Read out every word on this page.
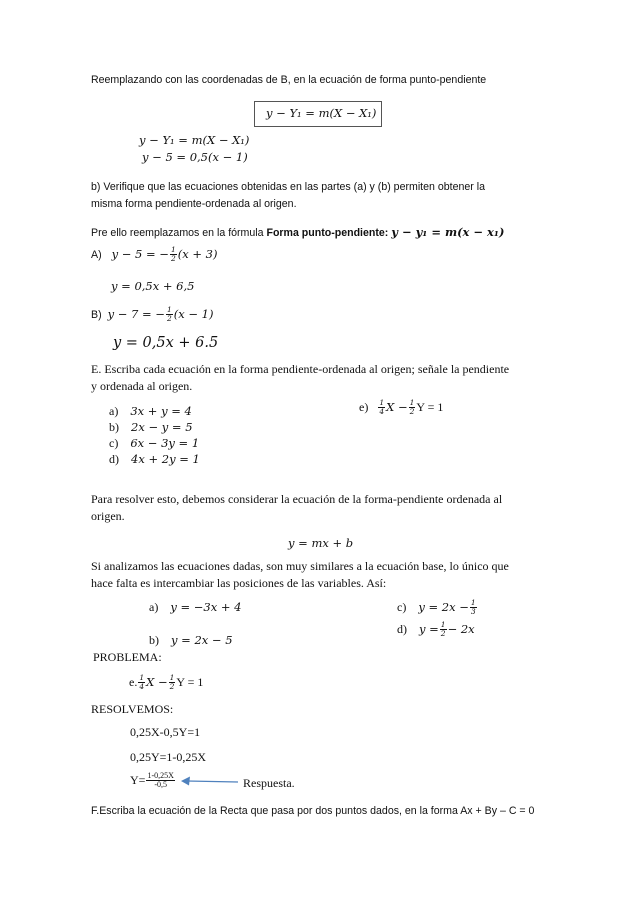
Reemplazando con las coordenadas de B, en la ecuación de forma punto-pendiente
y − Y₁ = m(X − X₁)
y − Y₁ = m(X − X₁)
y − 5 = 0,5(x − 1)
b) Verifique que las ecuaciones obtenidas en las partes (a) y (b) permiten obtener la
misma forma pendiente-ordenada al origen.
Pre ello reemplazamos en la fórmula Forma punto-pendiente: y − y₁ = m(x − x₁)
A) y − 5 = − $\frac{1}{2} (x + 3)$
y = 0,5x + 6,5
B) y − 7 = − $\frac{1}{2} (x - 1)$
y = 0,5x + 6.5
E. Escriba cada ecuación en la forma pendiente-ordenada al origen; señale la pendiente
y ordenada al origen.
a) 3x + y = 4
b) 2x − y = 5
c) 6x − 3y = 1
d) 4x + 2y = 1
$e) \frac{1}{4}$ $X - \frac{1}{2}$ Y = 1
Para resolver esto, debemos considerar la ecuación de la forma-pendiente ordenada al
origen.
y = mx + b
Si analizamos las ecuaciones dadas, son muy similares a la ecuación base, lo único que
hace falta es intercambiar las posiciones de las variables. Así:
a) y = −3x + 4
b) y = 2x − 5
c) $y = 2x - \frac{1}{3}$
d) $y = \frac{1}{2} - 2x$
PROBLEMA:
e. $\frac{1}{4}$ $X - \frac{1}{2}$ Y = 1
RESOLVEMOS:
0,25X-0,5Y=1
0,25Y=1-0,25X
$Y= \frac{1-0,25X}{-0,5}$	Respuesta.
F.Escriba la ecuación de la Recta que pasa por dos puntos dados, en la forma Ax + By – C = 0
